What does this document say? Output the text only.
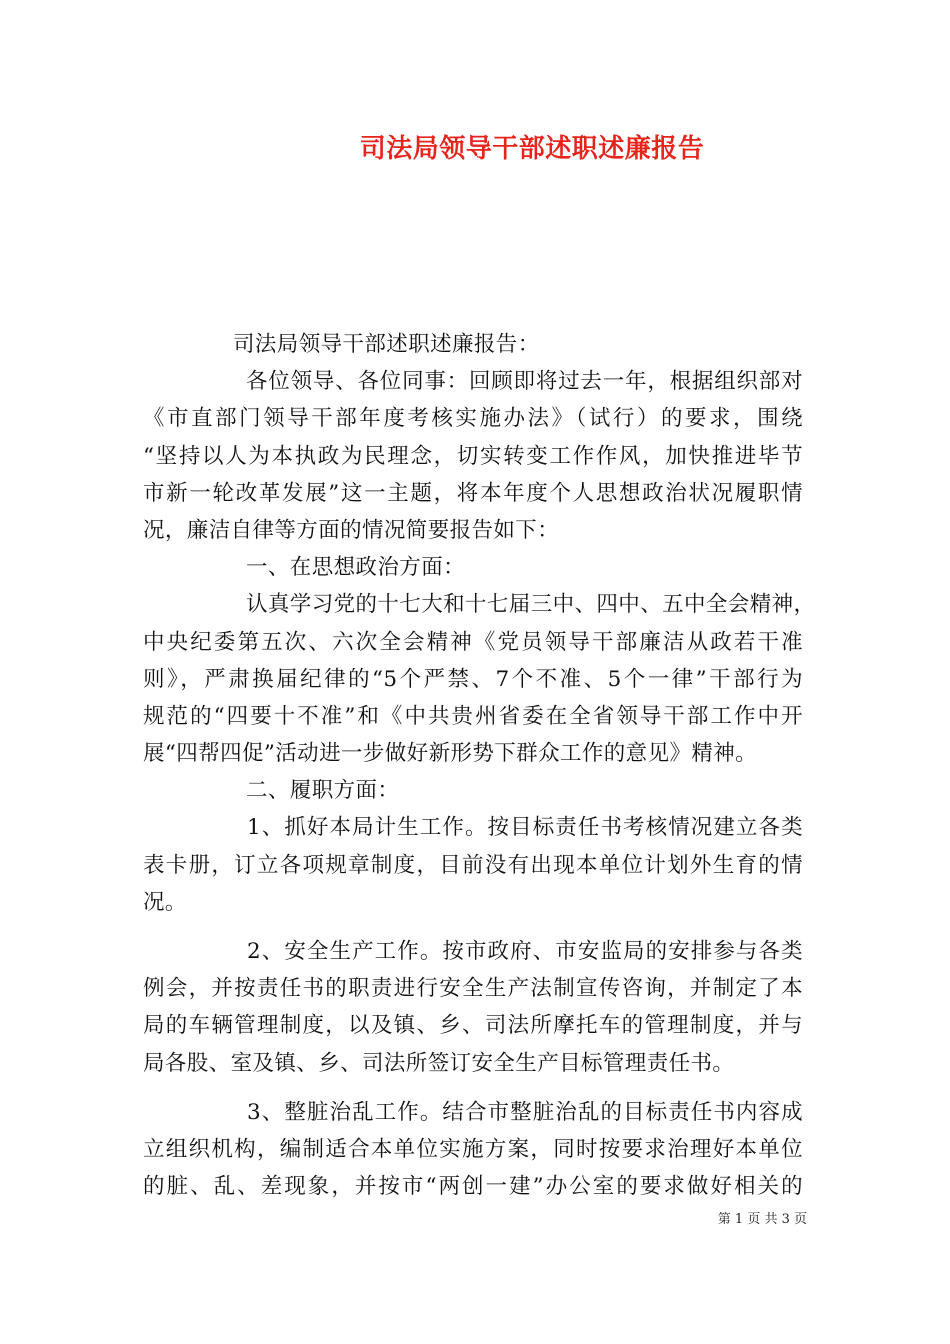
司法局领导干部述职述廉报告
司法局领导干部述职述廉报告：
各位领导、各位同事：回顾即将过去一年，根据组织部对
《市直部门领导干部年度考核实施办法》（试行）的要求，围绕
“坚持以人为本执政为民理念，切实转变工作作风，加快推进毕节
市新一轮改革发展”这一主题，将本年度个人思想政治状况履职情
况，廉洁自律等方面的情况简要报告如下：
一、在思想政治方面：
认真学习党的十七大和十七届三中、四中、五中全会精神，
中央纪委第五次、六次全会精神《党员领导干部廉洁从政若干准
则》，严肃换届纪律的“5个严禁、7个不准、5个一律”干部行为
规范的“四要十不准”和《中共贵州省委在全省领导干部工作中开
展“四帮四促”活动进一步做好新形势下群众工作的意见》精神。
二、履职方面：
1、抓好本局计生工作。按目标责任书考核情况建立各类
表卡册，订立各项规章制度，目前没有出现本单位计划外生育的情
况。
2、安全生产工作。按市政府、市安监局的安排参与各类
例会，并按责任书的职责进行安全生产法制宣传咨询，并制定了本
局的车辆管理制度，以及镇、乡、司法所摩托车的管理制度，并与
局各股、室及镇、乡、司法所签订安全生产目标管理责任书。
3、整脏治乱工作。结合市整脏治乱的目标责任书内容成
立组织机构，编制适合本单位实施方案，同时按要求治理好本单位
的脏、乱、差现象，并按市“两创一建”办公室的要求做好相关的
第 1 页 共 3 页
